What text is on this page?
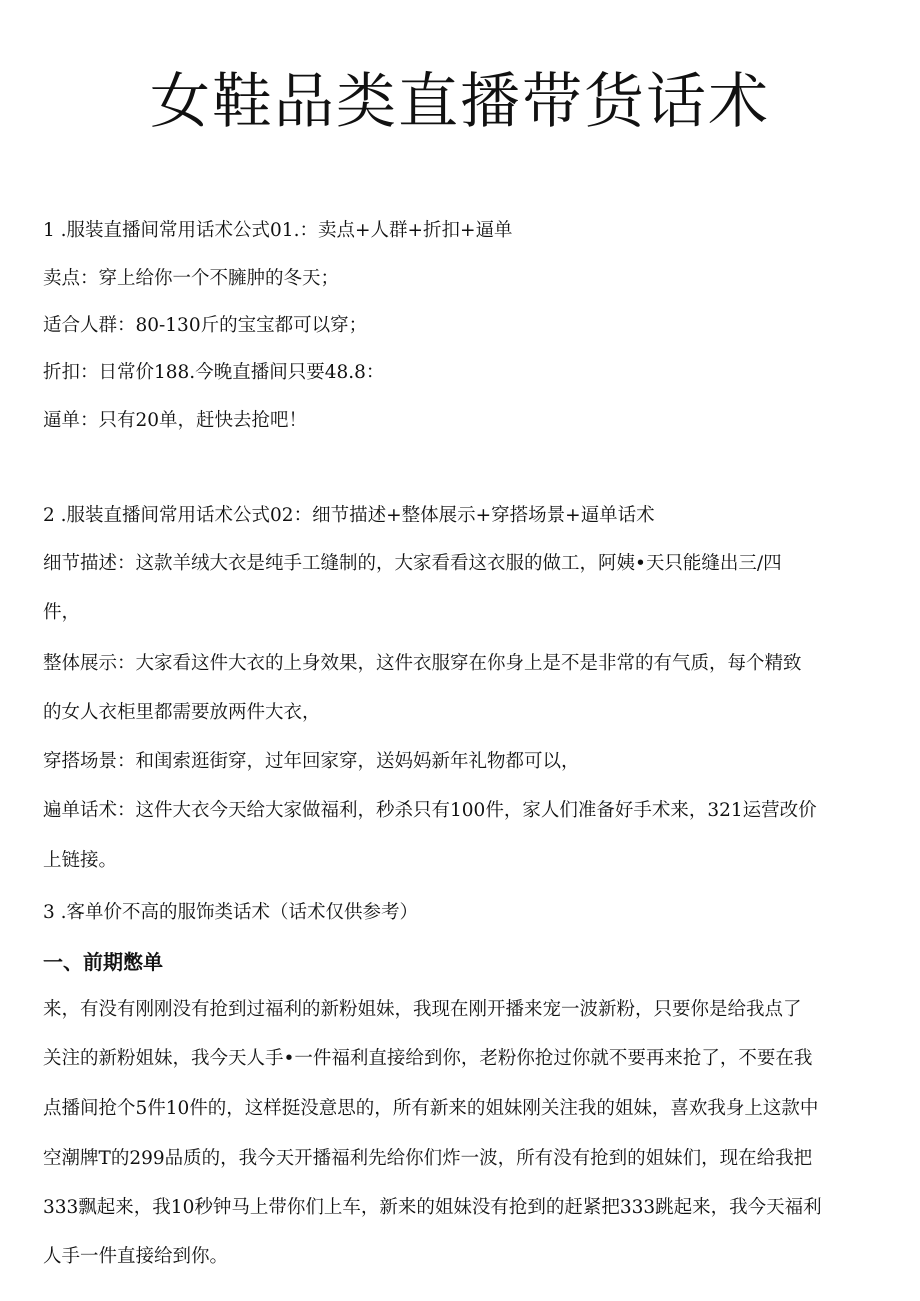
女鞋品类直播带货话术

1 .服装直播间常用话术公式01.：卖点+人群+折扣+逼单

卖点：穿上给你一个不臃肿的冬天；

适合人群：80-130斤的宝宝都可以穿；

折扣：日常价188.今晚直播间只要48.8：

逼单：只有20单，赶快去抢吧！

2 .服装直播间常用话术公式02：细节描述+整体展示+穿搭场景+逼单话术

细节描述：这款羊绒大衣是纯手工缝制的，大家看看这衣服的做工，阿姨•天只能缝出三/四

件，

整体展示：大家看这件大衣的上身效果，这件衣服穿在你身上是不是非常的有气质，每个精致

的女人衣柜里都需要放两件大衣，

穿搭场景：和闺索逛街穿，过年回家穿，送妈妈新年礼物都可以，

遍单话术：这件大衣今天给大家做福利，秒杀只有100件，家人们准备好手术来，321运营改价

上链接。

3 .客单价不高的服饰类话术（话术仅供参考）

一、前期憋单

来，有没有刚刚没有抢到过福利的新粉姐妹，我现在刚开播来宠一波新粉，只要你是给我点了

关注的新粉姐妹，我今天人手•一件福利直接给到你，老粉你抢过你就不要再来抢了，不要在我

点播间抢个5件10件的，这样挺没意思的，所有新来的姐妹刚关注我的姐妹，喜欢我身上这款中

空潮牌T的299品质的，我今天开播福利先给你们炸一波，所有没有抢到的姐妹们，现在给我把

333飘起来，我10秒钟马上带你们上车，新来的姐妹没有抢到的赶紧把333跳起来，我今天福利

人手一件直接给到你。
